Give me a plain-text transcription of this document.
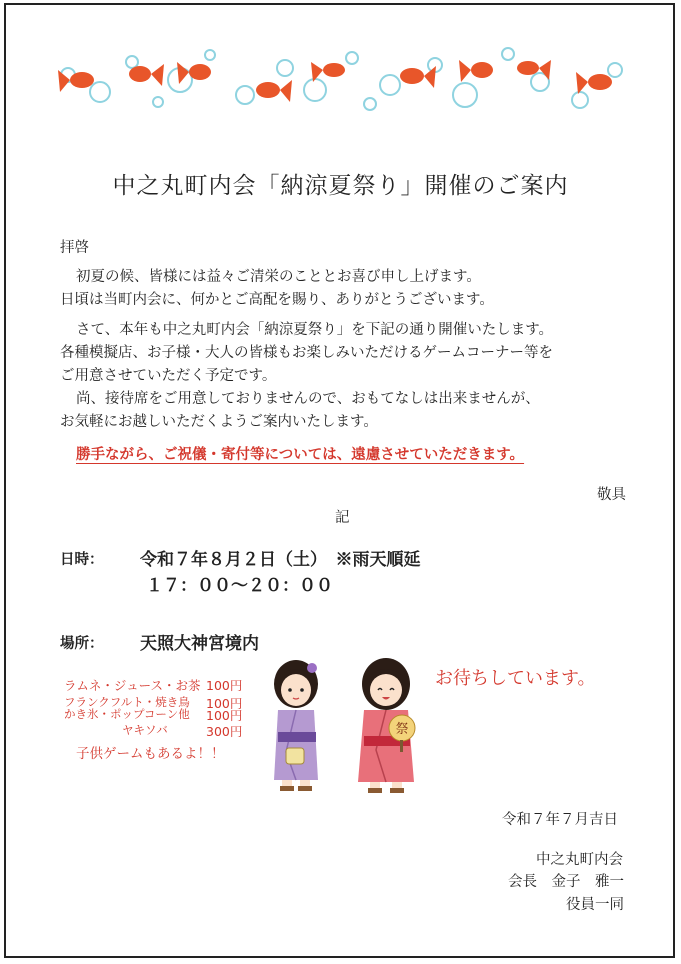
中之丸町内会「納涼夏祭り」開催のご案内
拝啓
初夏の候、皆様には益々ご清栄のこととお喜び申し上げます。
日頃は当町内会に、何かとご高配を賜り、ありがとうございます。
さて、本年も中之丸町内会「納涼夏祭り」を下記の通り開催いたします。
各種模擬店、お子様・大人の皆様もお楽しみいただけるゲームコーナー等を
ご用意させていただく予定です。
尚、接待席をご用意しておりませんので、おもてなしは出来ませんが、
お気軽にお越しいただくようご案内いたします。
勝手ながら、ご祝儀・寄付等については、遠慮させていただきます。
敬具
記
日時： 令和７年８月２日（土）　※雨天順延
１７：００〜２０：００
場所： 天照大神宮境内
ラムネ・ジュース・お茶 100円
フランクフルト・焼き鳥 100円
かき氷・ポップコーン他 100円
ヤキソバ	300円
子供ゲームもあるよ！！
祭
お待ちしています。
令和７年７月吉日
中之丸町内会
会長　金子　雅一
役員一同
